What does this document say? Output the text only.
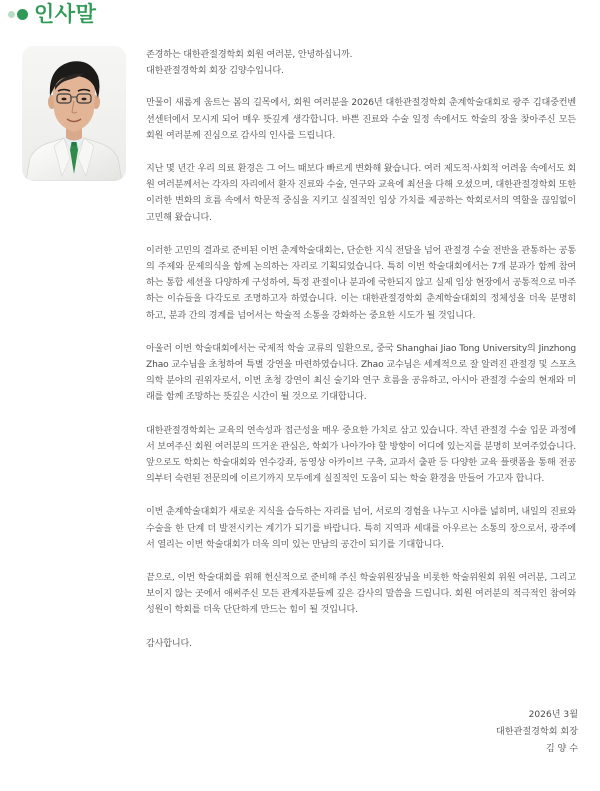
인사말

존경하는 대한관절경학회 회원 여러분, 안녕하십니까.
대한관절경학회 회장 김양수입니다.

만물이 새롭게 움트는 봄의 길목에서, 회원 여러분을 2026년 대한관절경학회 춘계학술대회로 광주 김대중컨벤션센터에서 모시게 되어 매우 뜻깊게 생각합니다. 바쁜 진료와 수술 일정 속에서도 학술의 장을 찾아주신 모든 회원 여러분께 진심으로 감사의 인사를 드립니다.

지난 몇 년간 우리 의료 환경은 그 어느 때보다 빠르게 변화해 왔습니다. 여러 제도적·사회적 어려움 속에서도 회원 여러분께서는 각자의 자리에서 환자 진료와 수술, 연구와 교육에 최선을 다해 오셨으며, 대한관절경학회 또한 이러한 변화의 흐름 속에서 학문적 중심을 지키고 실질적인 임상 가치를 제공하는 학회로서의 역할을 끊임없이 고민해 왔습니다.

이러한 고민의 결과로 준비된 이번 춘계학술대회는, 단순한 지식 전달을 넘어 관절경 수술 전반을 관통하는 공통의 주제와 문제의식을 함께 논의하는 자리로 기획되었습니다. 특히 이번 학술대회에서는 7개 분과가 함께 참여하는 통합 세션을 다양하게 구성하여, 특정 관절이나 분과에 국한되지 않고 실제 임상 현장에서 공통적으로 마주하는 이슈들을 다각도로 조명하고자 하였습니다. 이는 대한관절경학회 춘계학술대회의 정체성을 더욱 분명히 하고, 분과 간의 경계를 넘어서는 학술적 소통을 강화하는 중요한 시도가 될 것입니다.

아울러 이번 학술대회에서는 국제적 학술 교류의 일환으로, 중국 Shanghai Jiao Tong University의 Jinzhong Zhao 교수님을 초청하여 특별 강연을 마련하였습니다. Zhao 교수님은 세계적으로 잘 알려진 관절경 및 스포츠 의학 분야의 권위자로서, 이번 초청 강연이 최신 술기와 연구 흐름을 공유하고, 아시아 관절경 수술의 현재와 미래를 함께 조망하는 뜻깊은 시간이 될 것으로 기대합니다.

대한관절경학회는 교육의 연속성과 접근성을 매우 중요한 가치로 삼고 있습니다. 작년 관절경 수술 입문 과정에서 보여주신 회원 여러분의 뜨거운 관심은, 학회가 나아가야 할 방향이 어디에 있는지를 분명히 보여주었습니다. 앞으로도 학회는 학술대회와 연수강좌, 동영상 아카이브 구축, 교과서 출판 등 다양한 교육 플랫폼을 통해 전공의부터 숙련된 전문의에 이르기까지 모두에게 실질적인 도움이 되는 학술 환경을 만들어 가고자 합니다.

이번 춘계학술대회가 새로운 지식을 습득하는 자리를 넘어, 서로의 경험을 나누고 시야를 넓히며, 내일의 진료와 수술을 한 단계 더 발전시키는 계기가 되기를 바랍니다. 특히 지역과 세대를 아우르는 소통의 장으로서, 광주에서 열리는 이번 학술대회가 더욱 의미 있는 만남의 공간이 되기를 기대합니다.

끝으로, 이번 학술대회를 위해 헌신적으로 준비해 주신 학술위원장님을 비롯한 학술위원회 위원 여러분, 그리고 보이지 않는 곳에서 애써주신 모든 관계자분들께 깊은 감사의 말씀을 드립니다. 회원 여러분의 적극적인 참여와 성원이 학회를 더욱 단단하게 만드는 힘이 될 것입니다.

감사합니다.

2026년 3월
대한관절경학회 회장
김 양 수
